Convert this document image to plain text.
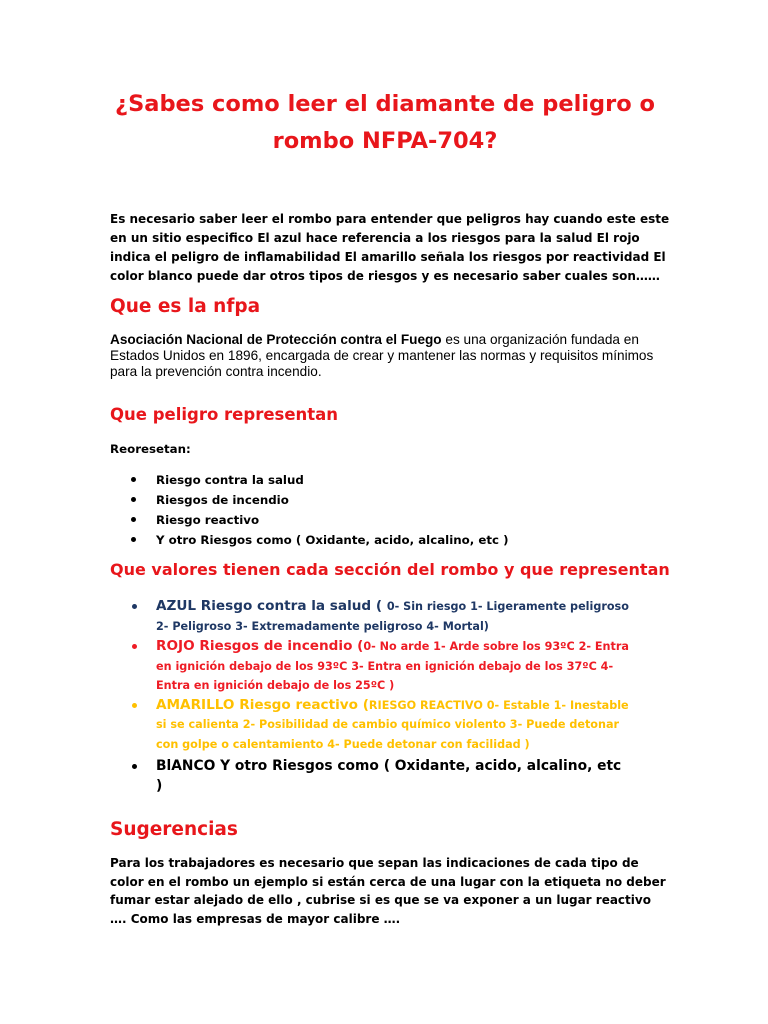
¿Sabes como leer el diamante de peligro o rombo NFPA-704?

Es necesario saber leer el rombo para entender que peligros hay cuando este este en un sitio especifico El azul hace referencia a los riesgos para la salud El rojo indica el peligro de inflamabilidad El amarillo señala los riesgos por reactividad El color blanco puede dar otros tipos de riesgos y es necesario saber cuales son……

Que es la nfpa

Asociación Nacional de Protección contra el Fuego es una organización fundada en Estados Unidos en 1896, encargada de crear y mantener las normas y requisitos mínimos para la prevención contra incendio.

Que peligro representan

Reoresetan:

Riesgo contra la salud
Riesgos de incendio
Riesgo reactivo
Y otro Riesgos como ( Oxidante, acido, alcalino, etc )
Que valores tienen cada sección del rombo y que representan
AZUL Riesgo contra la salud ( 0- Sin riesgo 1- Ligeramente peligroso 2- Peligroso 3- Extremadamente peligroso 4- Mortal)
ROJO Riesgos de incendio (0- No arde 1- Arde sobre los 93ºC 2- Entra en ignición debajo de los 93ºC 3- Entra en ignición debajo de los 37ºC 4- Entra en ignición debajo de los 25ºC )
AMARILLO Riesgo reactivo (RIESGO REACTIVO 0- Estable 1- Inestable si se calienta 2- Posibilidad de cambio químico violento 3- Puede detonar con golpe o calentamiento 4- Puede detonar con facilidad )
BlANCO Y otro Riesgos como ( Oxidante, acido, alcalino, etc )
Sugerencias

Para los trabajadores es necesario que sepan las indicaciones de cada tipo de color en el rombo un ejemplo si están cerca de una lugar con la etiqueta no deber fumar estar alejado de ello , cubrise si es que se va exponer a un lugar reactivo …. Como las empresas de mayor calibre ….
